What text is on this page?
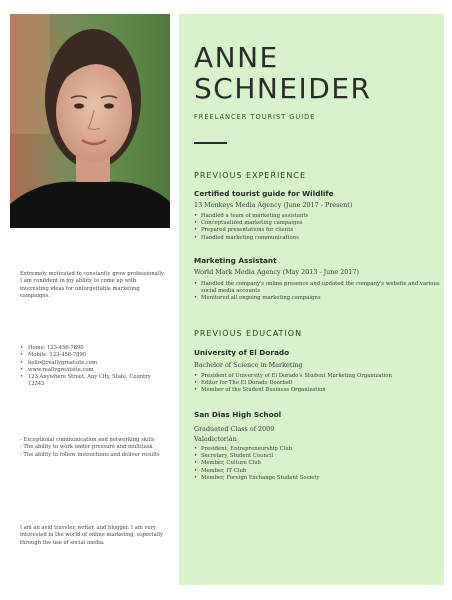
ANNE
SCHNEIDER
FREELANCER TOURIST GUIDE
PREVIOUS EXPERIENCE
Certified tourist guide for Wildlife
13 Monkeys Media Agency (June 2017 - Present)
• Handled a team of marketing assistants
• Conceptualized marketing campaigns
• Prepared presentations for clients
• Handled marketing communications
Marketing Assistant
World Mark Media Agency (May 2013 - June 2017)
• Handled the company's online presence and updated the company's website and various social media accounts
• Monitored all ongoing marketing campaigns
PREVIOUS EDUCATION
University of El Dorado
Bachelor of Science in Marketing
• President of University of El Dorado's Student Marketing Organization
• Editor for The El Dorado Doorbell
• Member of the Student Business Organization
San Dias High School
Graduated Class of 2009
Valedictorian
• President, Entrepreneurship Club
• Secretary, Student Council
• Member, Culture Club
• Member, IT Club
• Member, Foreign Exchange Student Society
Extremely motivated to constantly grow professionally. I am confident in my ability to come up with interesting ideas for unforgettable marketing campaigns.
• Home: 123-456-7890
• Mobile: 123-456-7890
• hello@reallygreatsite.com
• www.reallygreatsite.com
• 123 Anywhere Street, Any City, State, Country 12345
- Exceptional communication and networking skills
- The ability to work under pressure and multitask
- The ability to follow instructions and deliver results
I am an avid traveler, writer, and blogger. I am very interested in the world of online marketing, especially through the use of social media.
